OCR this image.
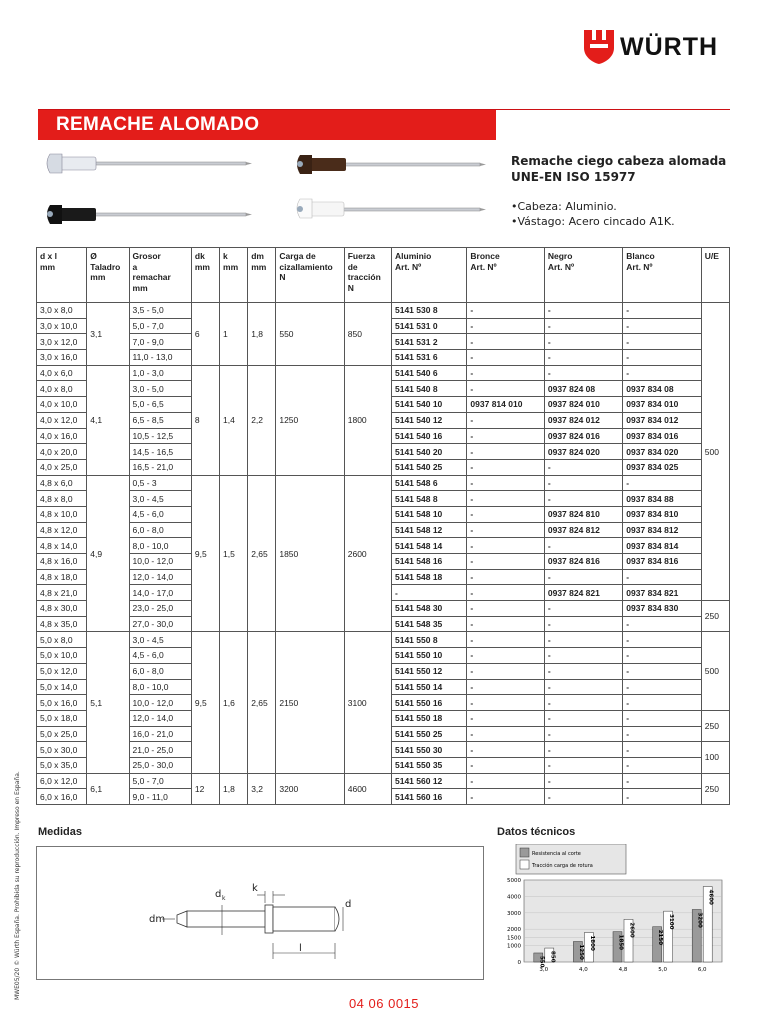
WÜRTH
REMACHE ALOMADO
Remache ciego cabeza alomada
UNE-EN ISO 15977
•Cabeza: Aluminio.
•Vástago: Acero cincado A1K.
d x l
mm	Ø
Taladro
mm	Grosor
a
remachar
mm	dk
mm	k
mm	dm
mm	Carga de
cizallamiento
N	Fuerza
de
tracción
N	Aluminio
Art. Nº	Bronce
Art. Nº	Negro
Art. Nº	Blanco
Art. Nº	U/E
3,0 x 8,0	3,1	3,5 - 5,0	6	1	1,8	550	850	5141 530 8	-	-	-	500
3,0 x 10,0		5,0 - 7,0						5141 531 0	-	-	-	
3,0 x 12,0		7,0 - 9,0						5141 531 2	-	-	-	
3,0 x 16,0		11,0 - 13,0						5141 531 6	-	-	-	
4,0 x 6,0	4,1	1,0 - 3,0	8	1,4	2,2	1250	1800	5141 540 6	-	-	-	
4,0 x 8,0		3,0 - 5,0						5141 540 8	-	0937 824 08	0937 834 08	
4,0 x 10,0		5,0 - 6,5						5141 540 10	0937 814 010	0937 824 010	0937 834 010	
4,0 x 12,0		6,5 - 8,5						5141 540 12	-	0937 824 012	0937 834 012	
4,0 x 16,0		10,5 - 12,5						5141 540 16	-	0937 824 016	0937 834 016	
4,0 x 20,0		14,5 - 16,5						5141 540 20	-	0937 824 020	0937 834 020	
4,0 x 25,0		16,5 - 21,0						5141 540 25	-	-	0937 834 025	
4,8 x 6,0	4,9	0,5 - 3	9,5	1,5	2,65	1850	2600	5141 548 6	-	-	-	
4,8 x 8,0		3,0 - 4,5						5141 548 8	-	-	0937 834 88	
4,8 x 10,0		4,5 - 6,0						5141 548 10	-	0937 824 810	0937 834 810	
4,8 x 12,0		6,0 - 8,0						5141 548 12	-	0937 824 812	0937 834 812	
4,8 x 14,0		8,0 - 10,0						5141 548 14	-	-	0937 834 814	
4,8 x 16,0		10,0 - 12,0						5141 548 16	-	0937 824 816	0937 834 816	
4,8 x 18,0		12,0 - 14,0						5141 548 18	-	-	-	
4,8 x 21,0		14,0 - 17,0						-	-	0937 824 821	0937 834 821	
4,8 x 30,0		23,0 - 25,0						5141 548 30	-	-	0937 834 830	250
4,8 x 35,0		27,0 - 30,0						5141 548 35	-	-	-	
5,0 x 8,0	5,1	3,0 - 4,5	9,5	1,6	2,65	2150	3100	5141 550 8	-	-	-	500
5,0 x 10,0		4,5 - 6,0						5141 550 10	-	-	-	
5,0 x 12,0		6,0 - 8,0						5141 550 12	-	-	-	
5,0 x 14,0		8,0 - 10,0						5141 550 14	-	-	-	
5,0 x 16,0		10,0 - 12,0						5141 550 16	-	-	-	
5,0 x 18,0		12,0 - 14,0						5141 550 18	-	-	-	250
5,0 x 25,0		16,0 - 21,0						5141 550 25	-	-	-	
5,0 x 30,0		21,0 - 25,0						5141 550 30	-	-	-	100
5,0 x 35,0		25,0 - 30,0						5141 550 35	-	-	-	
6,0 x 12,0	6,1	5,0 - 7,0	12	1,8	3,2	3200	4600	5141 560 12	-	-	-	250
6,0 x 16,0		9,0 - 11,0						5141 560 16	-	-	-	
MWE05/20 © Würth España. Prohibida su reproducción. Impreso en España. Medidas	Datos técnicos
d k
k
dm
d
l
Resistencia al corte
Tracción carga de rotura
0
1000
1500
2000
3000
4000
5000
550 850
3,0
1250
1800
4,0
1850
2600
4,8
2150
3100
5,0
3200
4600
6,0
04 06 0015
